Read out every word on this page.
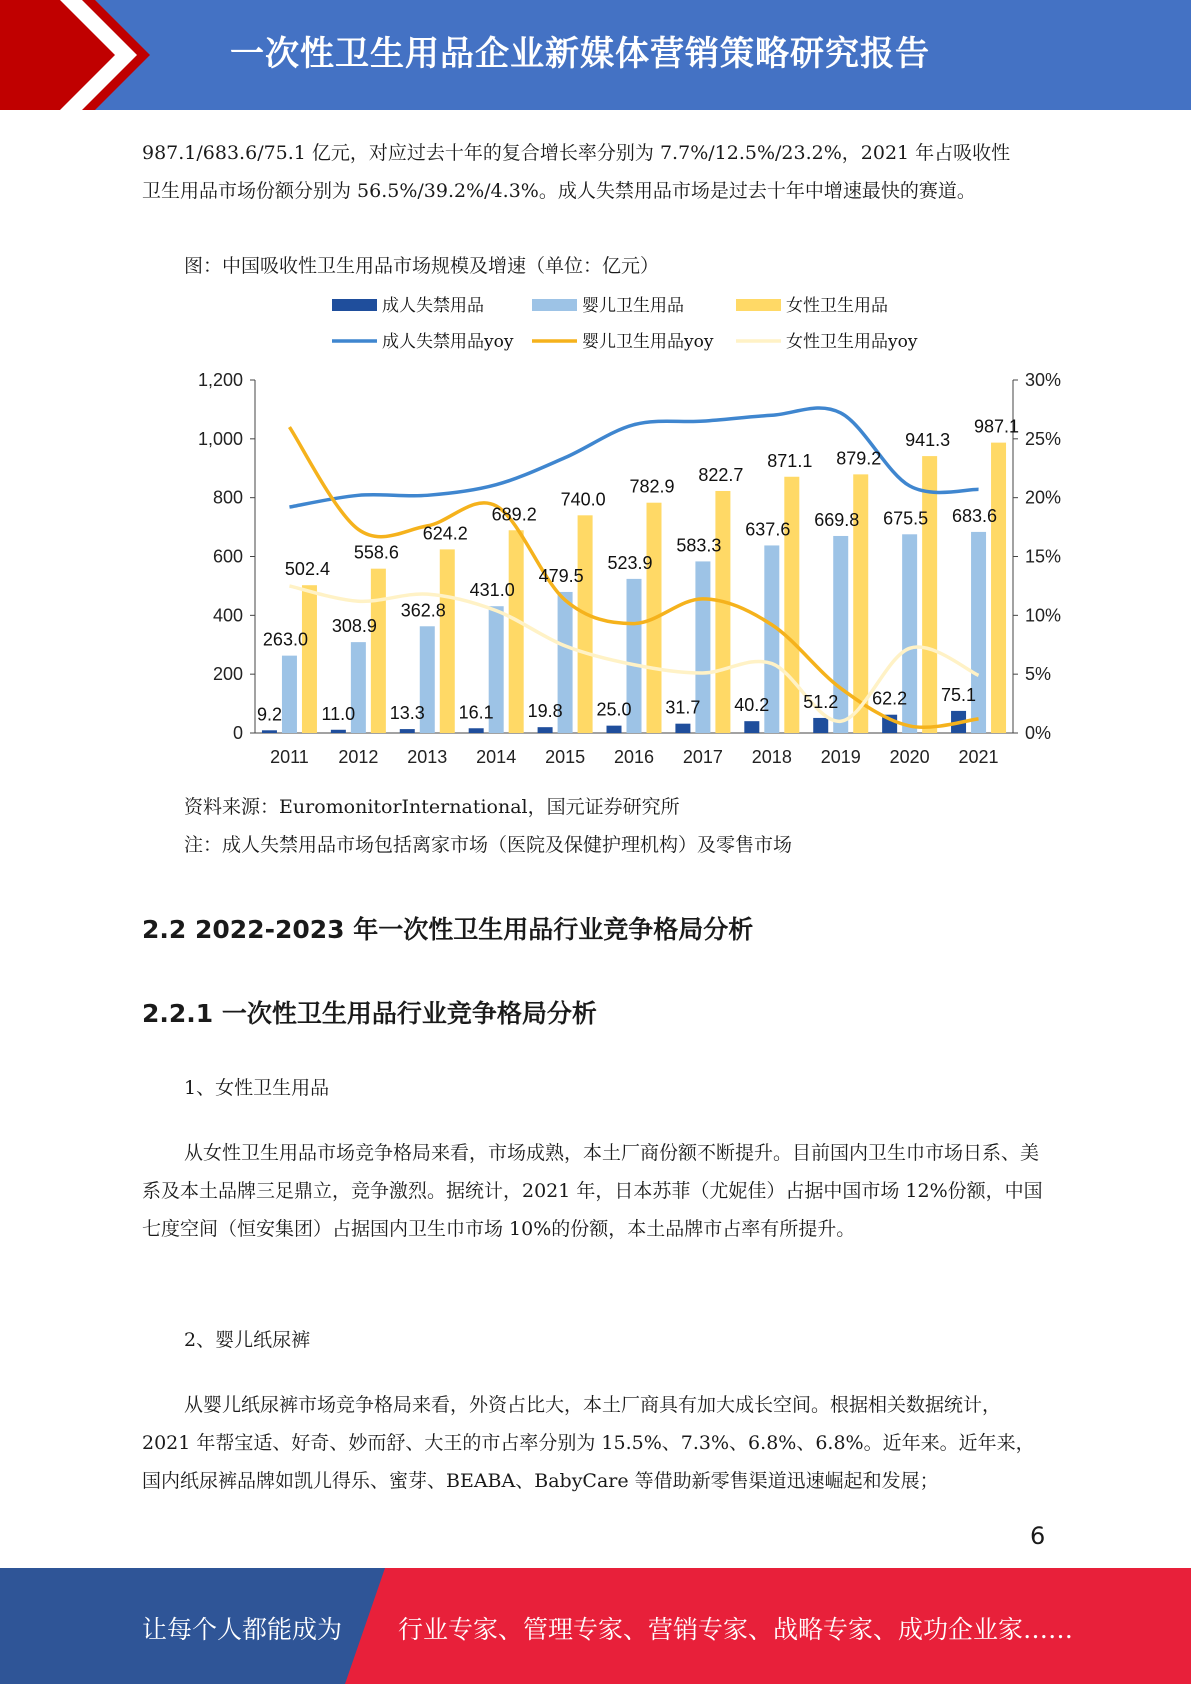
一次性卫生用品企业新媒体营销策略研究报告

987.1/683.6/75.1 亿元，对应过去十年的复合增长率分别为 7.7%/12.5%/23.2%，2021 年占吸收性

卫生用品市场份额分别为 56.5%/39.2%/4.3%。成人失禁用品市场是过去十年中增速最快的赛道。

图：中国吸收性卫生用品市场规模及增速（单位：亿元）

0
200
400
600
800
1,000
1,200
0%
5%
10%
15%
20%
25%
30%
2011 2012 2013 2014 2015 2016 2017 2018 2019 2020 2021
9.2 11.0 13.3 16.1 19.8 25.0 31.7 40.2 51.2 62.2 75.1
263.0
308.9
362.8
431.0
479.5
523.9
583.3
637.6 669.8 675.5 683.6
502.4
558.6
624.2
689.2
740.0
782.9
822.7
871.1 879.2
941.3
987.1
成人失禁用品	婴儿卫生用品	女性卫生用品
成人失禁用品yoy	婴儿卫生用品yoy	女性卫生用品yoy

资料来源：EuromonitorInternational，国元证券研究所

注：成人失禁用品市场包括离家市场（医院及保健护理机构）及零售市场

2.2 2022-2023 年一次性卫生用品行业竞争格局分析
2.2.1 一次性卫生用品行业竞争格局分析

1、女性卫生用品

从女性卫生用品市场竞争格局来看，市场成熟，本土厂商份额不断提升。目前国内卫生巾市场日系、美系及本土品牌三足鼎立，竞争激烈。据统计，2021 年，日本苏菲（尤妮佳）占据中国市场 12%份额，中国七度空间（恒安集团）占据国内卫生巾市场 10%的份额，本土品牌市占率有所提升。

2、婴儿纸尿裤

从婴儿纸尿裤市场竞争格局来看，外资占比大，本土厂商具有加大成长空间。根据相关数据统计，2021 年帮宝适、好奇、妙而舒、大王的市占率分别为 15.5%、7.3%、6.8%、6.8%。近年来。近年来，国内纸尿裤品牌如凯儿得乐、蜜芽、BEABA、BabyCare 等借助新零售渠道迅速崛起和发展；

6
让每个人都能成为 行业专家、管理专家、营销专家、战略专家、成功企业家……
